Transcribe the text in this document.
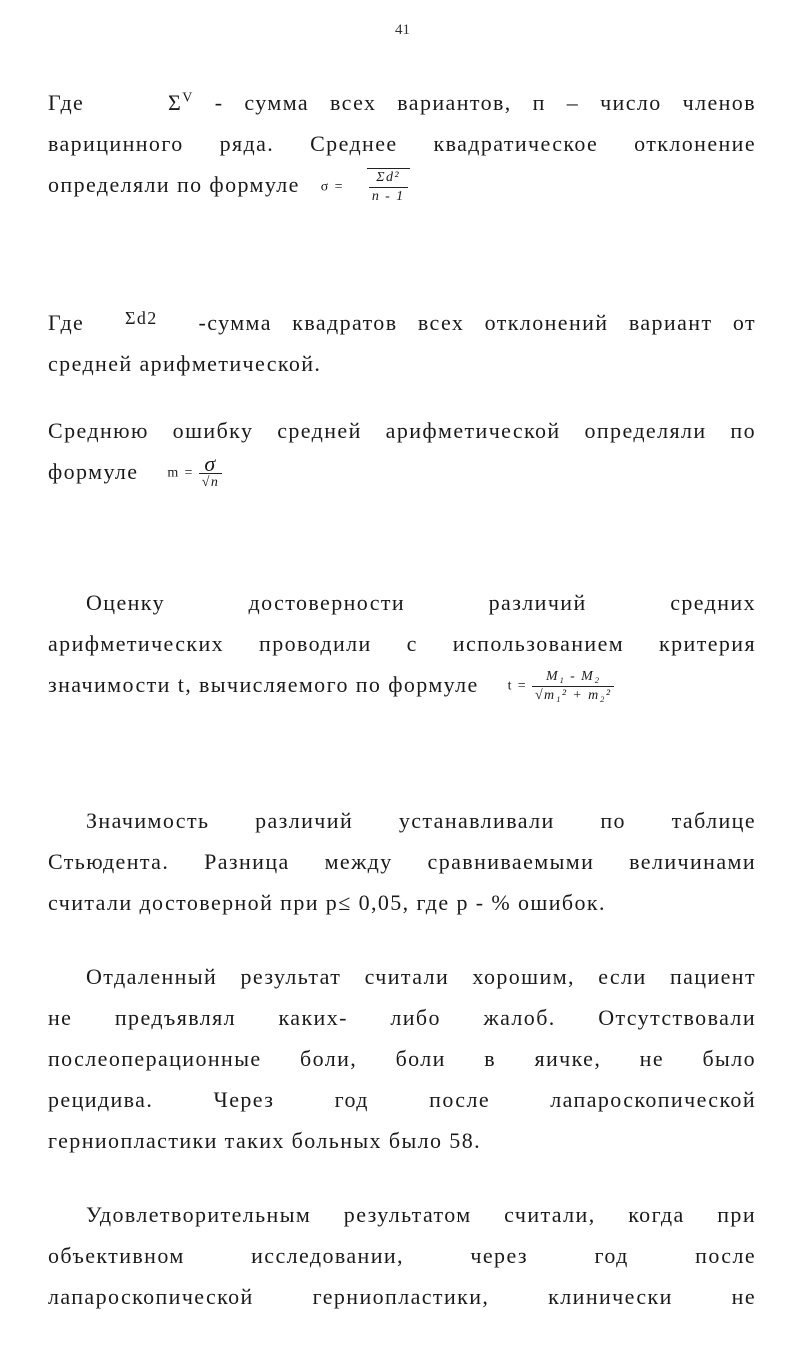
41
Где	$\Sigma^V$ - сумма всех вариантов, п – число членов
варицинного ряда. Среднее квадратическое отклонение
определяли по формуле $\sigma = \frac{\text{Σd²}}{n - 1}$
Где $^{\Sigma d2}$ -сумма квадратов всех отклонений вариант от
средней арифметической.
Среднюю ошибку средней арифметической определяли по
формуле $m = \frac{\sigma}{√n}$
Оценку достоверности различий средних
арифметических проводили с использованием критерия
значимости t, вычисляемого по формуле $t = \frac{\text{M₁ - M₂}}{\text{√m₁² + m₂²}}$
Значимость различий устанавливали по таблице
Стьюдента. Разница между сравниваемыми величинами
считали достоверной при р≤ 0,05, где р - % ошибок.
Отдаленный результат считали хорошим, если пациент
не предъявлял каких- либо жалоб. Отсутствовали
послеоперационные боли, боли в яичке, не было
рецидива. Через год после лапароскопической
герниопластики таких больных было 58.
Удовлетворительным результатом считали, когда при
объективном исследовании, через год после
лапароскопической герниопластики, клинически не
